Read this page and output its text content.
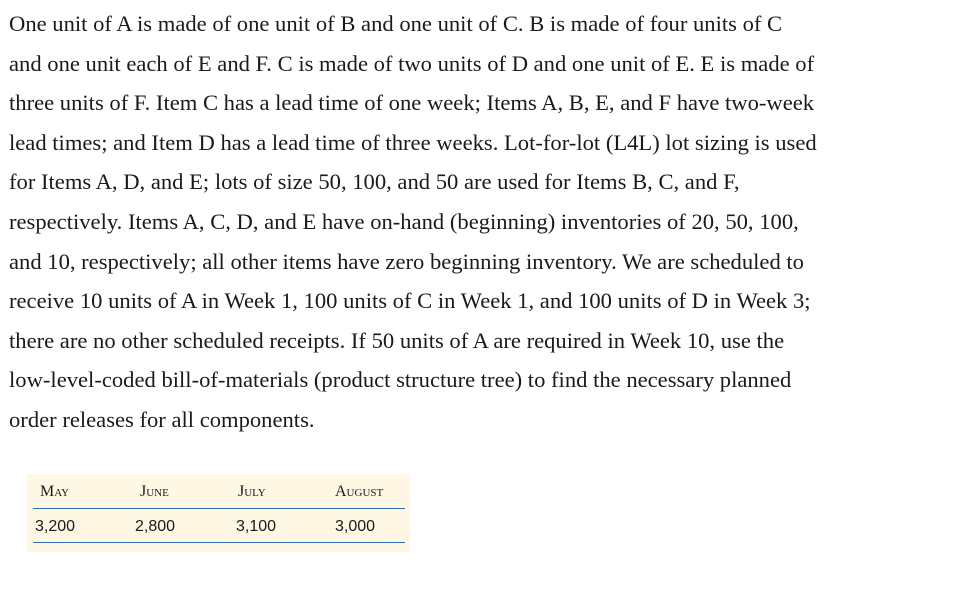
One unit of A is made of one unit of B and one unit of C. B is made of four units of C
and one unit each of E and F. C is made of two units of D and one unit of E. E is made of
three units of F. Item C has a lead time of one week; Items A, B, E, and F have two-week
lead times; and Item D has a lead time of three weeks. Lot-for-lot (L4L) lot sizing is used
for Items A, D, and E; lots of size 50, 100, and 50 are used for Items B, C, and F,
respectively. Items A, C, D, and E have on-hand (beginning) inventories of 20, 50, 100,
and 10, respectively; all other items have zero beginning inventory. We are scheduled to
receive 10 units of A in Week 1, 100 units of C in Week 1, and 100 units of D in Week 3;
there are no other scheduled receipts. If 50 units of A are required in Week 10, use the
low-level-coded bill-of-materials (product structure tree) to find the necessary planned
order releases for all components.
May	June	July	August
3,200	2,800	3,100	3,000
